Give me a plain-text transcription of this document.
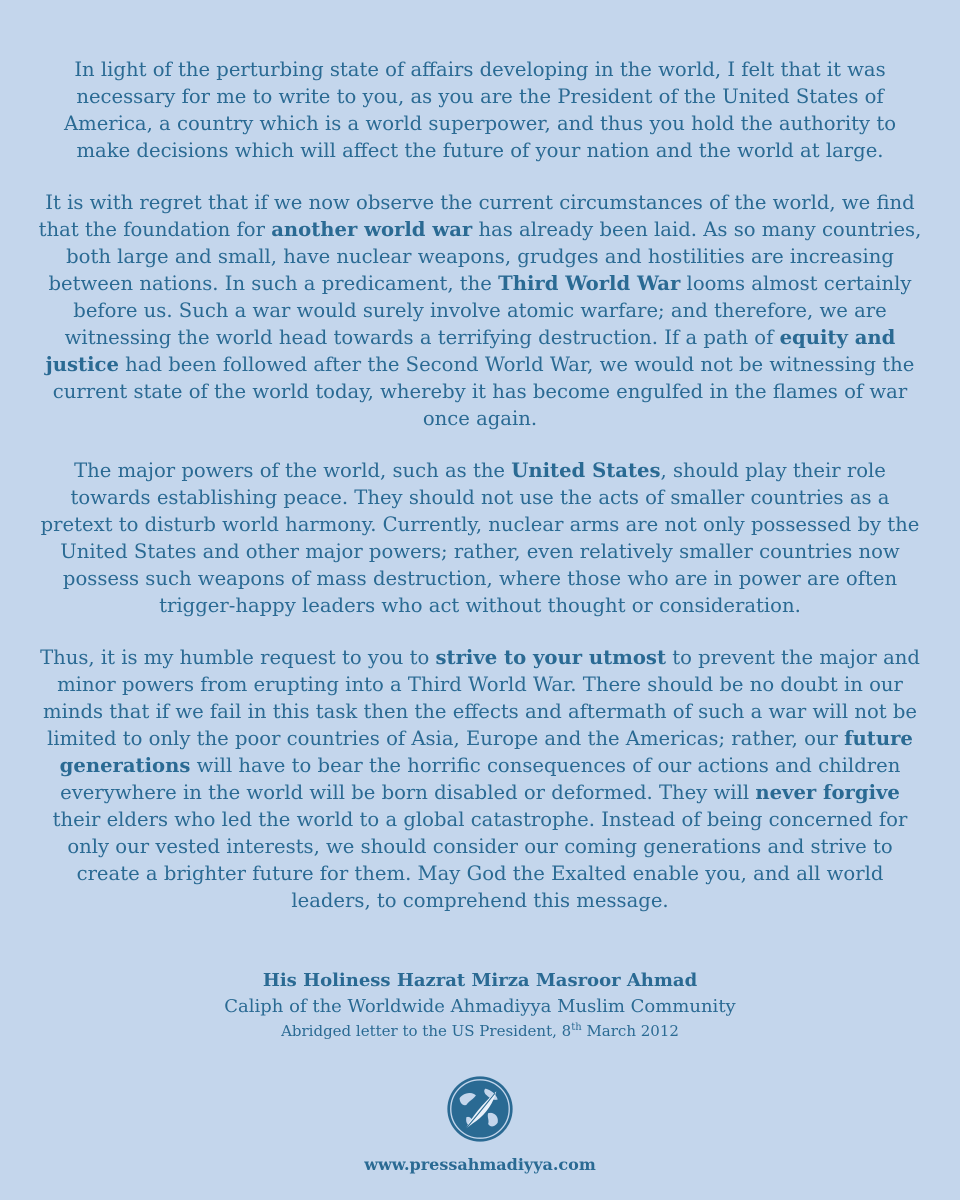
In light of the perturbing state of affairs developing in the world, I felt that it was necessary for me to write to you, as you are the President of the United States of America, a country which is a world superpower, and thus you hold the authority to make decisions which will affect the future of your nation and the world at large.

It is with regret that if we now observe the current circumstances of the world, we find that the foundation for another world war has already been laid. As so many countries, both large and small, have nuclear weapons, grudges and hostilities are increasing between nations. In such a predicament, the Third World War looms almost certainly before us. Such a war would surely involve atomic warfare; and therefore, we are witnessing the world head towards a terrifying destruction. If a path of equity and justice had been followed after the Second World War, we would not be witnessing the current state of the world today, whereby it has become engulfed in the flames of war once again.

The major powers of the world, such as the United States, should play their role towards establishing peace. They should not use the acts of smaller countries as a pretext to disturb world harmony. Currently, nuclear arms are not only possessed by the United States and other major powers; rather, even relatively smaller countries now possess such weapons of mass destruction, where those who are in power are often trigger-happy leaders who act without thought or consideration.

Thus, it is my humble request to you to strive to your utmost to prevent the major and minor powers from erupting into a Third World War. There should be no doubt in our minds that if we fail in this task then the effects and aftermath of such a war will not be limited to only the poor countries of Asia, Europe and the Americas; rather, our future generations will have to bear the horrific consequences of our actions and children everywhere in the world will be born disabled or deformed. They will never forgive their elders who led the world to a global catastrophe. Instead of being concerned for only our vested interests, we should consider our coming generations and strive to create a brighter future for them. May God the Exalted enable you, and all world leaders, to comprehend this message.

His Holiness Hazrat Mirza Masroor Ahmad
Caliph of the Worldwide Ahmadiyya Muslim Community
Abridged letter to the US President, 8th March 2012
www.pressahmadiyya.com
